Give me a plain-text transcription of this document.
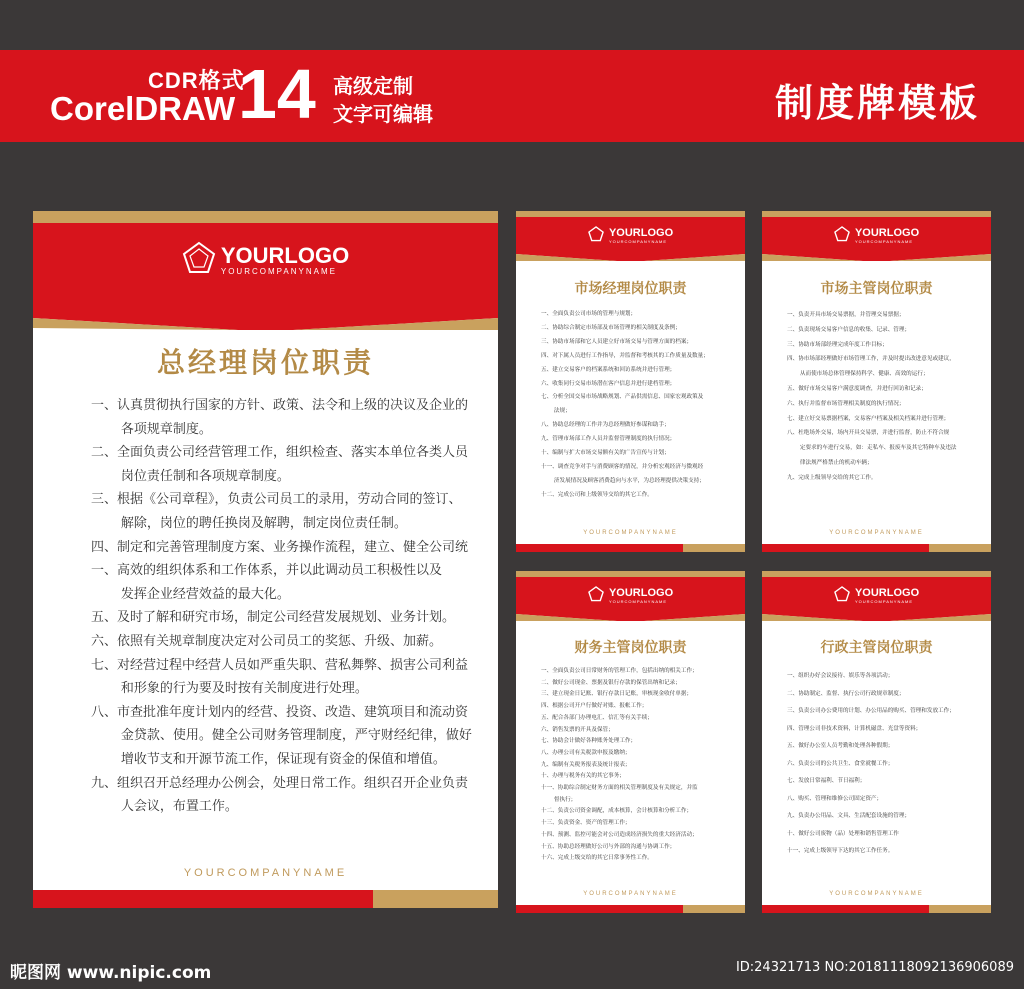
CDR格式
CorelDRAW 14 高级定制
文字可编辑	制度牌模板

YOURLOGO
YOURCOMPANYNAME
总经理岗位职责
一、认真贯彻执行国家的方针、政策、法令和上级的决议及企业的
各项规章制度。
二、全面负责公司经营管理工作，组织检查、落实本单位各类人员
岗位责任制和各项规章制度。
三、根据《公司章程》，负责公司员工的录用，劳动合同的签订、
解除，岗位的聘任换岗及解聘，制定岗位责任制。
四、制定和完善管理制度方案、业务操作流程，建立、健全公司统
一、高效的组织体系和工作体系，并以此调动员工积极性以及
发挥企业经营效益的最大化。
五、及时了解和研究市场，制定公司经营发展规划、业务计划。
六、依照有关规章制度决定对公司员工的奖惩、升级、加薪。
七、对经营过程中经营人员如严重失职、营私舞弊、损害公司利益
和形象的行为要及时按有关制度进行处理。
八、市查批准年度计划内的经营、投资、改造、建筑项目和流动资
金贷款、使用。健全公司财务管理制度，严守财经纪律，做好
增收节支和开源节流工作，保证现有资金的保值和增值。
九、组织召开总经理办公例会，处理日常工作。组织召开企业负责
人会议，布置工作。
YOURCOMPANYNAME

YOURLOGO
YOURCOMPANYNAME
市场经理岗位职责
一、全面负责公司市场的管理与规划；
二、协助综合制定市场部及市场管理的相关制度及条例；
三、协助市场部和它人员建立好市场交易与管理方面的档案；
四、对下属人员进行工作指导，并监督和考核其的工作质量及数量；
五、建立交易客户的档案系统和回访系统并进行管理；
六、收集同行交易市场潜在客户信息并进行建档管理；
七、分析全国交易市场战略规划、产品供需信息、国家宏观政策及
法规；
八、协助总经理的工作并为总经理做好参谋和助手；
九、管理市场部工作人员并监督管理制度的执行情况；
十、编制与扩大市场交易额有关的广告宣传与计划；
十一、调查竞争对手与消费顾客的情况，并分析宏观经济与微观经
济发展情况及顾客消费趋向与水平，为总经理提供决策支持；
十二、完成公司和上级领导交给的其它工作。
YOURCOMPANYNAME

YOURLOGO
YOURCOMPANYNAME
市场主管岗位职责
一、负责开具市场交易票据，并管理交易票据；
二、负责现场交易客户信息的收集、记录、管理；
三、协助市场部经理完成年度工作目标；
四、协市场部经理做好市场管理工作，并及时提出改进意见或建议，
从而使市场总体管理保持科学、健康、高效的运行；
五、做好市场交易客户满意度调查，并进行回访和记录；
六、执行并监督市场管理相关制度的执行情况；
七、建立好交易票据档案，交易客户档案及相关档案并进行管理；
八、杜绝场外交易，场内开具交易票，并进行监督，防止不符合规
定要求的车进行交易，如：走私车、报废车及其它特种车及违法
律法规严格禁止的机动车辆；
九、完成上级领导交给的其它工作。
YOURCOMPANYNAME

YOURLOGO
YOURCOMPANYNAME
财务主管岗位职责
一、全面负责公司日常财务的管理工作，包括出纳的相关工作；
二、做好公司现金、票据及银行存款的保管出纳和记录；
三、建立现金日记账、银行存款日记账，审核现金收付单据；
四、根据公司开户行做好对账、报帐工作；
五、配合各部门办理电汇、信汇等有关手续；
六、销售发票的开具及保管；
七、协助会计做好各种账务处理工作；
八、办理公司有关税款申报及缴纳；
九、编制有关税务报表及统计报表；
十、办理与税务有关的其它事务；
十一、协助综合制定财务方面的相关管理制度及有关规定，并监
督执行；
十二、负责公司资金调配，成本核算，会计核算和分析工作；
十三、负责资金、资产的管理工作；
十四、预测、监控可能会对公司造成经济损失的重大经济活动；
十五、协助总经理做好公司与外部的沟通与协调工作；
十六、完成上级交给的其它日常事务性工作。
YOURCOMPANYNAME

YOURLOGO
YOURCOMPANYNAME
行政主管岗位职责
一、组织办好会议接待、娱乐等各项活动；
二、协助制定、监督、执行公司行政规章制度；
三、负责公司办公费用的计划、办公用品的购买、管理和发放工作；
四、管理公司非技术资料，计算机磁盘、光盘等资料；
五、做好办公室人员考勤和处理各种假期；
六、负责公司的公共卫生、食堂就餐工作；
七、发放日常福利、节日福利；
八、购买、管理和维修公司固定资产；
九、负责办公用品、文具、生活配套设施的管理；
十、做好公司废物（品）处理和销售管理工作
十一、完成上级领导下达的其它工作任务。
YOURCOMPANYNAME
昵图网 www.nipic.com	ID:24321713 NO:20181118092136906089
